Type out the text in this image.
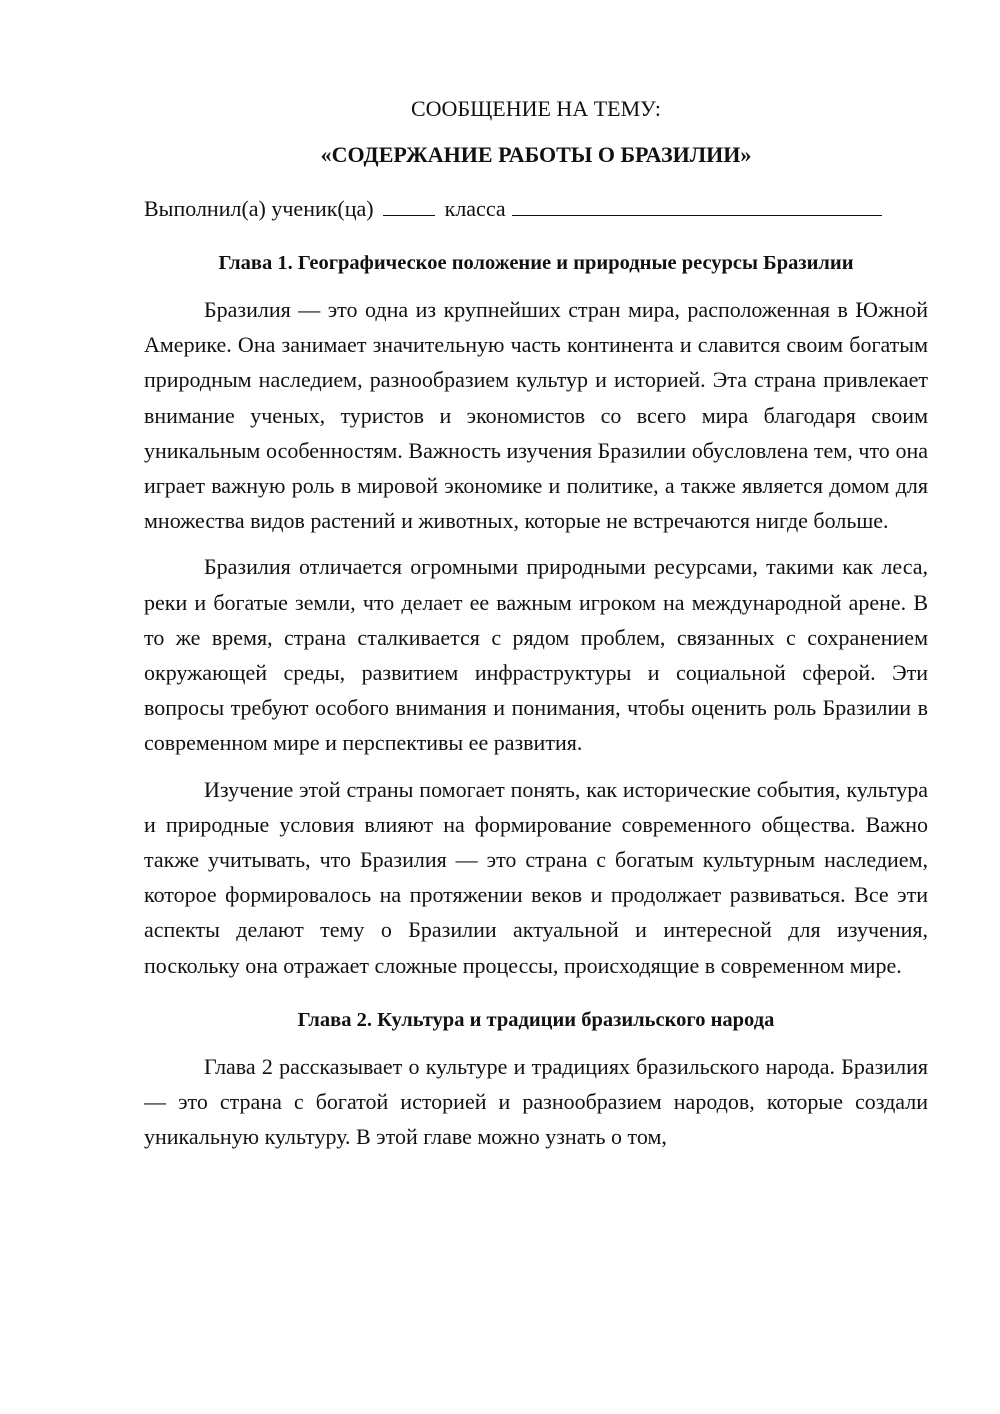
СООБЩЕНИЕ НА ТЕМУ:

«СОДЕРЖАНИЕ РАБОТЫ О БРАЗИЛИИ»

Выполнил(а) ученик(ца)	класса

Глава 1. Географическое положение и природные ресурсы Бразилии

Бразилия — это одна из крупнейших стран мира, расположенная в Южной Америке. Она занимает значительную часть континента и славится своим богатым природным наследием, разнообразием культур и историей. Эта страна привлекает внимание ученых, туристов и экономистов со всего мира благодаря своим уникальным особенностям. Важность изучения Бразилии обусловлена тем, что она играет важную роль в мировой экономике и политике, а также является домом для множества видов растений и животных, которые не встречаются нигде больше.

Бразилия отличается огромными природными ресурсами, такими как леса, реки и богатые земли, что делает ее важным игроком на международной арене. В то же время, страна сталкивается с рядом проблем, связанных с сохранением окружающей среды, развитием инфраструктуры и социальной сферой. Эти вопросы требуют особого внимания и понимания, чтобы оценить роль Бразилии в современном мире и перспективы ее развития.

Изучение этой страны помогает понять, как исторические события, культура и природные условия влияют на формирование современного общества. Важно также учитывать, что Бразилия — это страна с богатым культурным наследием, которое формировалось на протяжении веков и продолжает развиваться. Все эти аспекты делают тему о Бразилии актуальной и интересной для изучения, поскольку она отражает сложные процессы, происходящие в современном мире.

Глава 2. Культура и традиции бразильского народа

Глава 2 рассказывает о культуре и традициях бразильского народа. Бразилия — это страна с богатой историей и разнообразием народов, которые создали уникальную культуру. В этой главе можно узнать о том,
